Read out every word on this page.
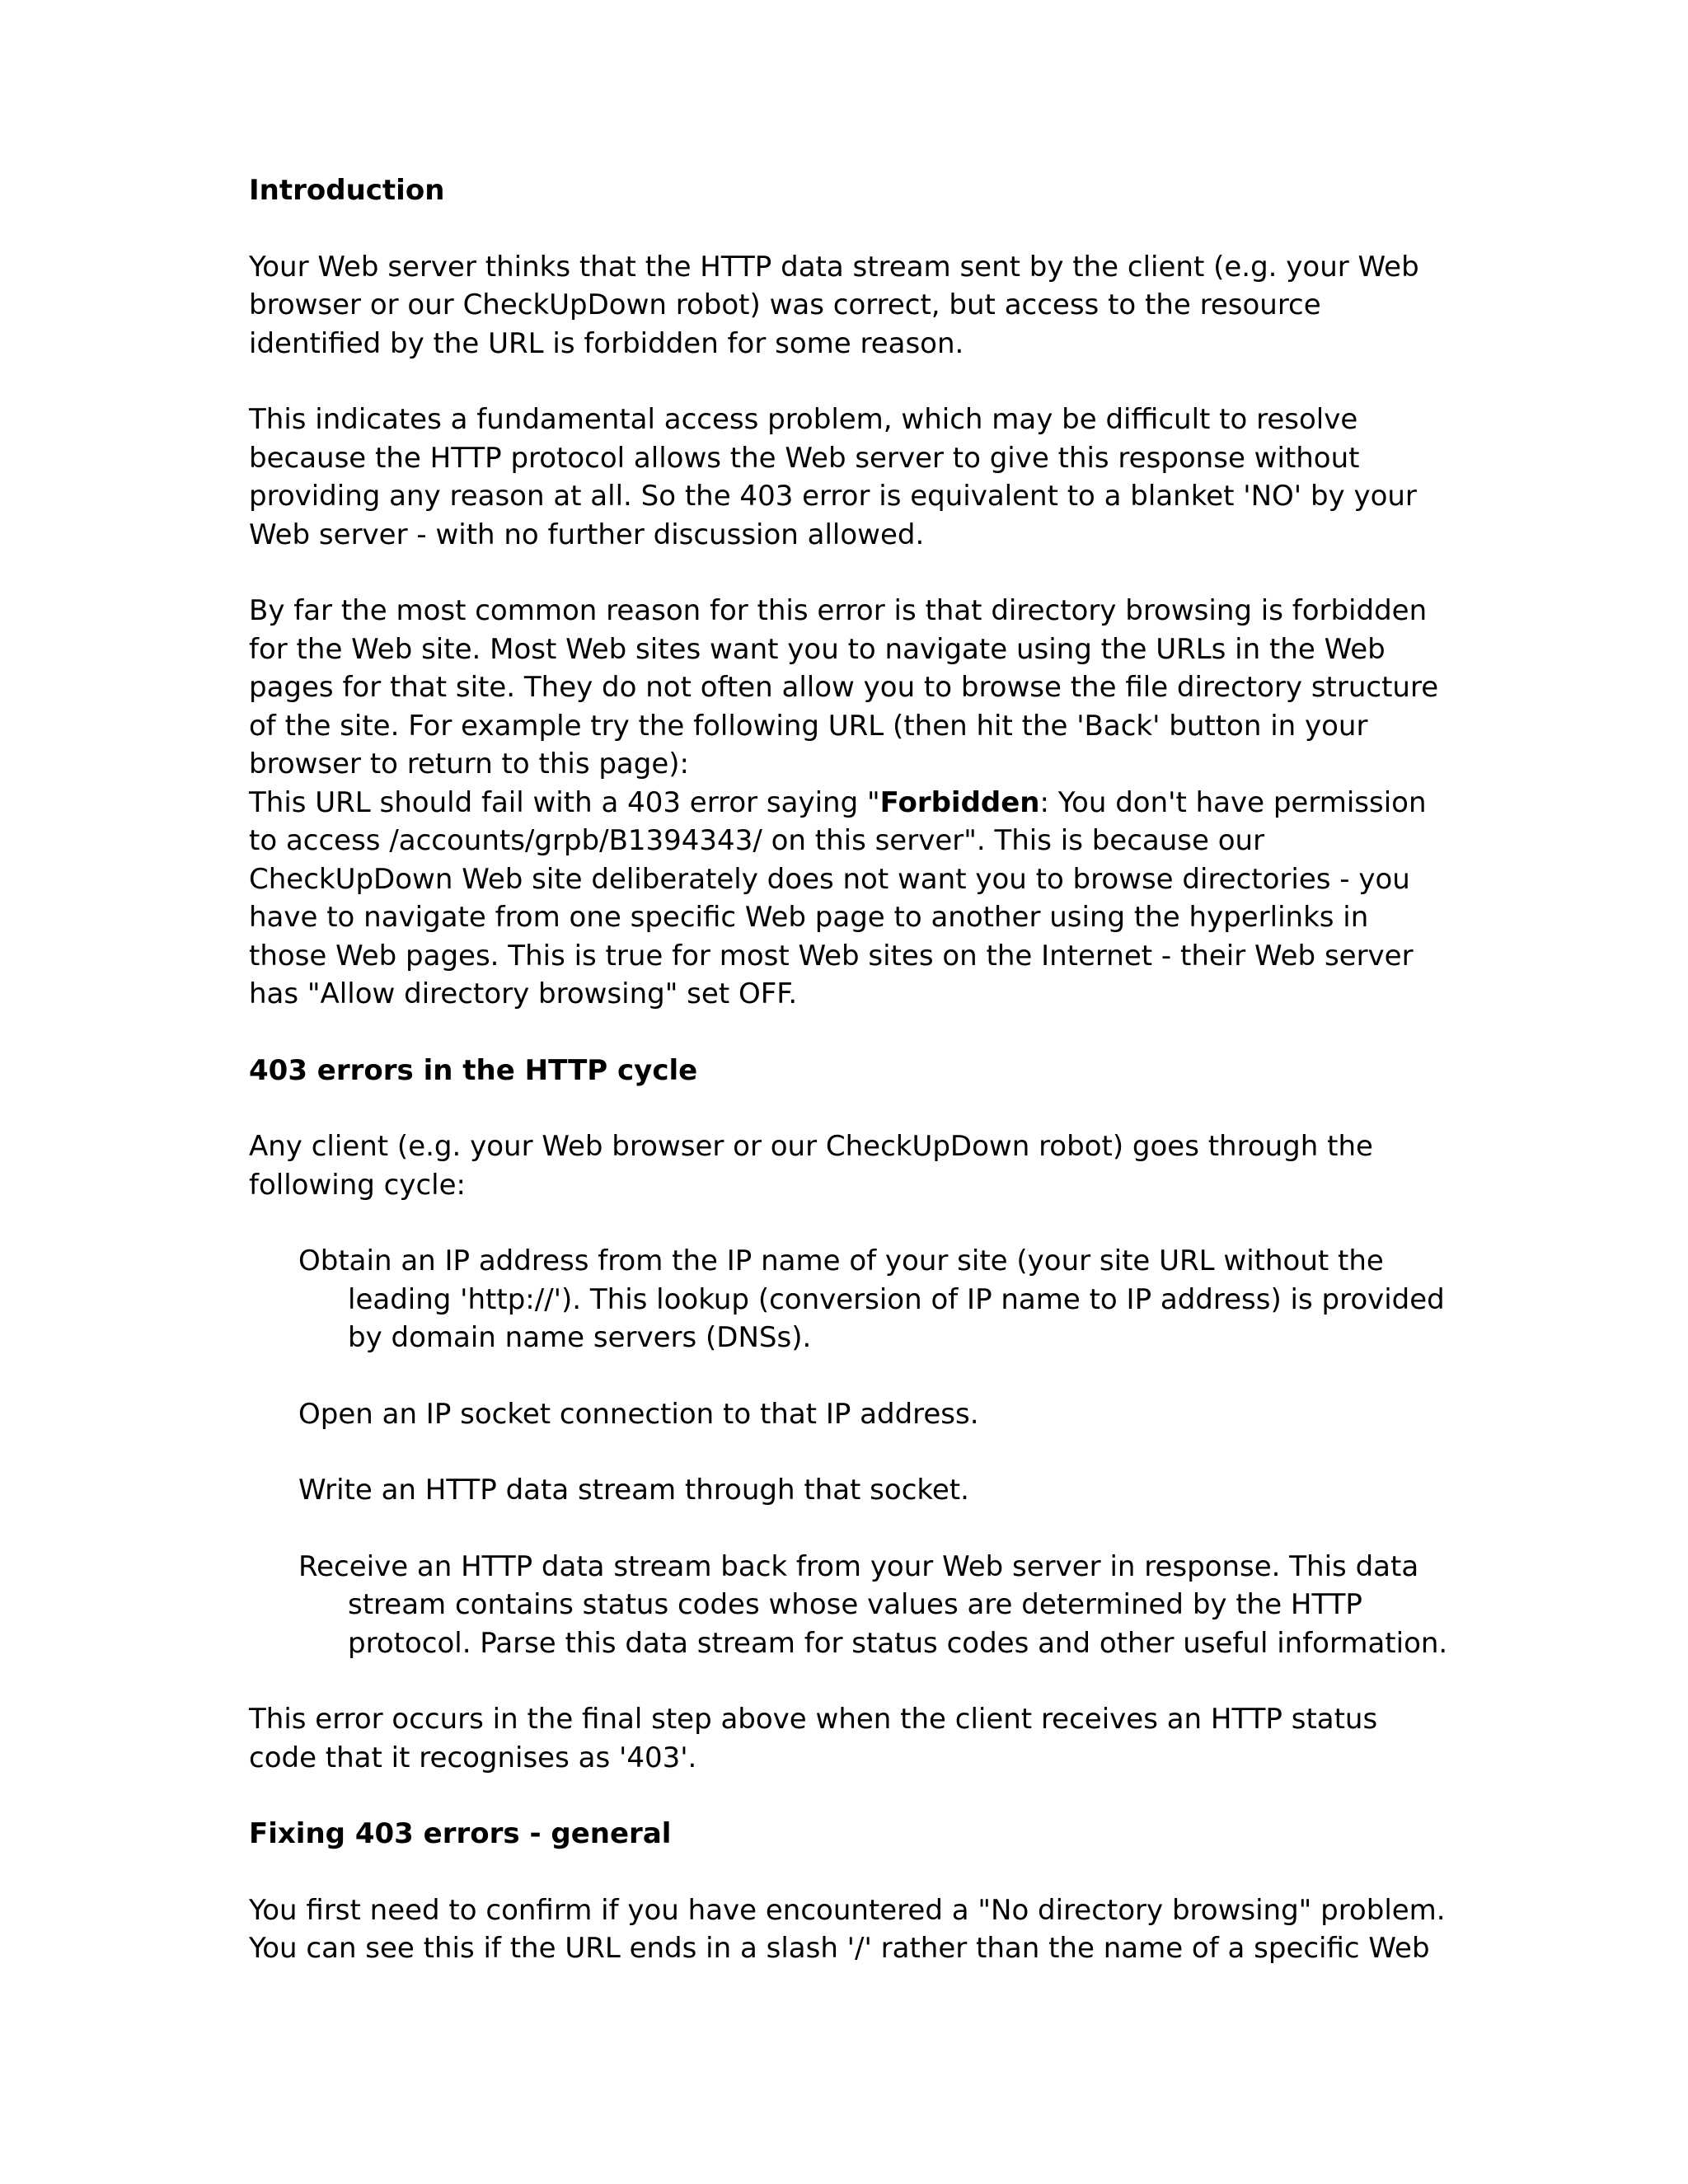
Introduction

Your Web server thinks that the HTTP data stream sent by the client (e.g. your Web browser or our CheckUpDown robot) was correct, but access to the resource identified by the URL is forbidden for some reason.

This indicates a fundamental access problem, which may be difficult to resolve because the HTTP protocol allows the Web server to give this response without providing any reason at all. So the 403 error is equivalent to a blanket 'NO' by your Web server - with no further discussion allowed.

By far the most common reason for this error is that directory browsing is forbidden for the Web site. Most Web sites want you to navigate using the URLs in the Web pages for that site. They do not often allow you to browse the file directory structure of the site. For example try the following URL (then hit the 'Back' button in your browser to return to this page):

This URL should fail with a 403 error saying "Forbidden: You don't have permission to access /accounts/grpb/B1394343/ on this server". This is because our CheckUpDown Web site deliberately does not want you to browse directories - you have to navigate from one specific Web page to another using the hyperlinks in those Web pages. This is true for most Web sites on the Internet - their Web server has "Allow directory browsing" set OFF.

403 errors in the HTTP cycle

Any client (e.g. your Web browser or our CheckUpDown robot) goes through the following cycle:

Obtain an IP address from the IP name of your site (your site URL without the leading 'http://'). This lookup (conversion of IP name to IP address) is provided by domain name servers (DNSs).
Open an IP socket connection to that IP address.
Write an HTTP data stream through that socket.
Receive an HTTP data stream back from your Web server in response. This data stream contains status codes whose values are determined by the HTTP protocol. Parse this data stream for status codes and other useful information.

This error occurs in the final step above when the client receives an HTTP status code that it recognises as '403'.

Fixing 403 errors - general

You first need to confirm if you have encountered a "No directory browsing" problem. You can see this if the URL ends in a slash '/' rather than the name of a specific Web
